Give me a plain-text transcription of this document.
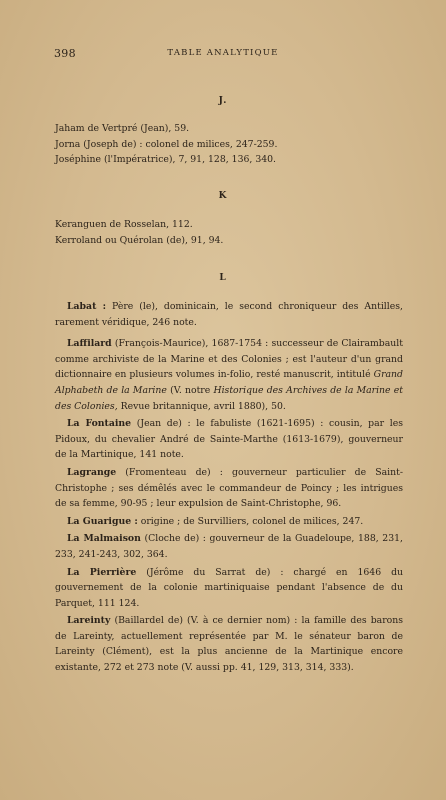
398	TABLE ANALYTIQUE
J.

Jaham de Vertpré (Jean), 59.

Jorna (Joseph de) : colonel de milices, 247-259.

Joséphine (l'Impératrice), 7, 91, 128, 136, 340.

K

Keranguen de Rosselan, 112.

Kerroland ou Quérolan (de), 91, 94.

L

Labat : Père (le), dominicain, le second chroniqueur des Antilles, rarement véridique, 246 note.

Laffilard (François-Maurice), 1687-1754 : successeur de Clairambault comme archiviste de la Marine et des Colonies ; est l'auteur d'un grand dictionnaire en plusieurs volumes in-folio, resté manuscrit, intitulé Grand Alphabeth de la Marine (V. notre Historique des Archives de la Marine et des Colonies, Revue britannique, avril 1880), 50.

La Fontaine (Jean de) : le fabuliste (1621-1695) : cousin, par les Pidoux, du chevalier André de Sainte-Marthe (1613-1679), gouverneur de la Martinique, 141 note.

Lagrange (Fromenteau de) : gouverneur particulier de Saint-Christophe ; ses démêlés avec le commandeur de Poincy ; les intrigues de sa femme, 90-95 ; leur expulsion de Saint-Christophe, 96.

La Guarigue : origine ; de Survilliers, colonel de milices, 247.

La Malmaison (Cloche de) : gouverneur de la Guadeloupe, 188, 231, 233, 241-243, 302, 364.

La Pierrière (Jérôme du Sarrat de) : chargé en 1646 du gouvernement de la colonie martiniquaise pendant l'absence de du Parquet, 111 124.

Lareinty (Baillardel de) (V. à ce dernier nom) : la famille des barons de Lareinty, actuellement représentée par M. le sénateur baron de Lareinty (Clément), est la plus ancienne de la Martinique encore existante, 272 et 273 note (V. aussi pp. 41, 129, 313, 314, 333).
